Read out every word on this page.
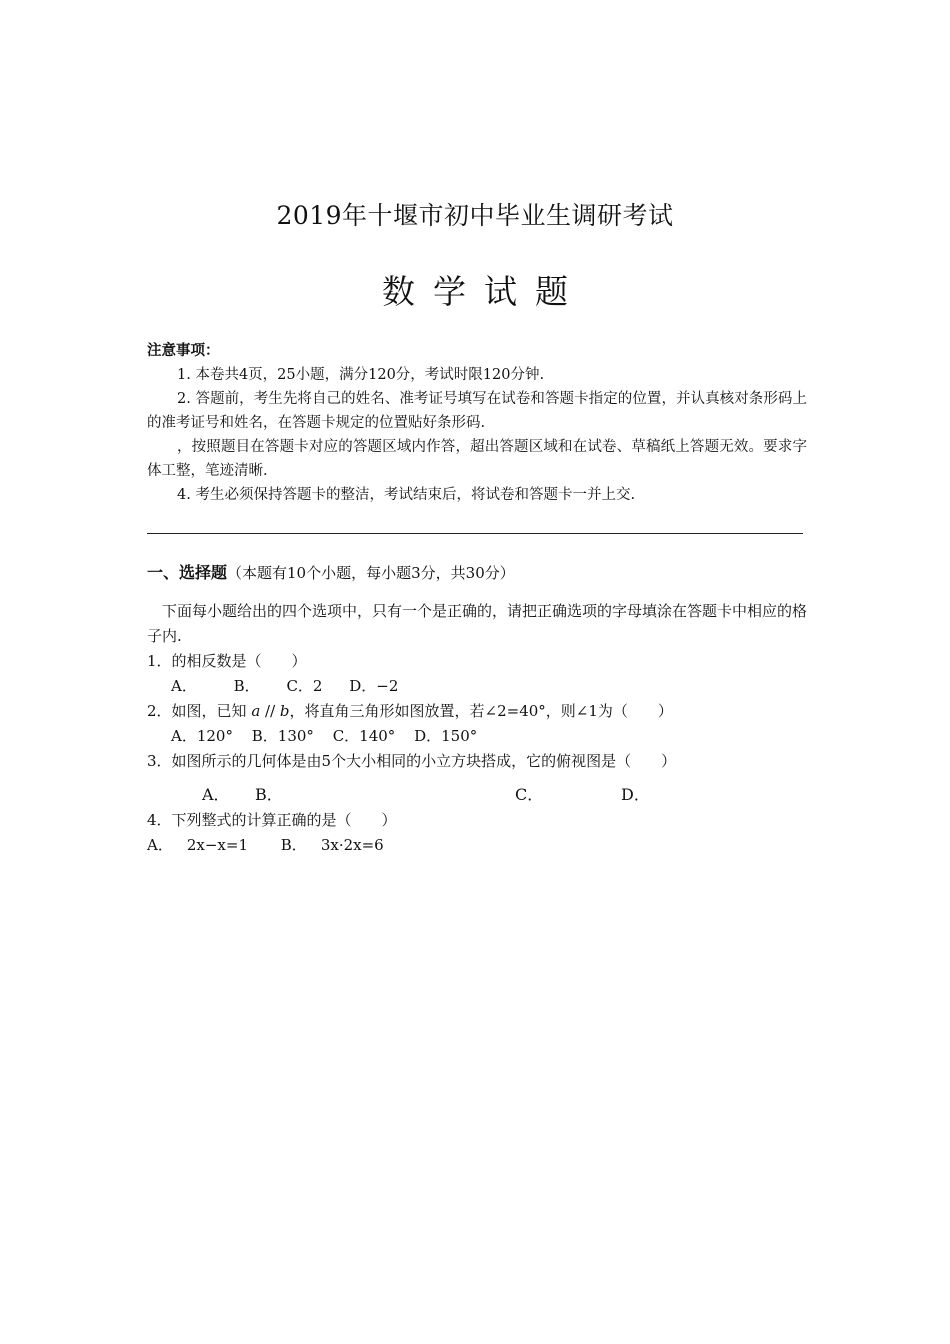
2019年十堰市初中毕业生调研考试
数学试题
注意事项：

1. 本卷共4页，25小题，满分120分，考试时限120分钟.

2. 答题前，考生先将自己的姓名、准考证号填写在试卷和答题卡指定的位置，并认真核对条形码上的准考证号和姓名，在答题卡规定的位置贴好条形码.

，按照题目在答题卡对应的答题区域内作答，超出答题区域和在试卷、草稿纸上答题无效。要求字体工整，笔迹清晰.

4. 考生必须保持答题卡的整洁，考试结束后，将试卷和答题卡一并上交.

一、选择题（本题有10个小题，每小题3分，共30分）

下面每小题给出的四个选项中，只有一个是正确的，请把正确选项的字母填涂在答题卡中相应的格子内.

1．的相反数是（　　）

A． B． C．2 D．−2

2．如图，已知 a // b，将直角三角形如图放置，若∠2=40°，则∠1为（　　）

A．120° B．130° C．140° D．150°

3．如图所示的几何体是由5个大小相同的小立方块搭成，它的俯视图是（　　）

A． B．	C．	D．

4．下列整式的计算正确的是（　　）

A． 2x−x=1 B． 3x·2x=6
